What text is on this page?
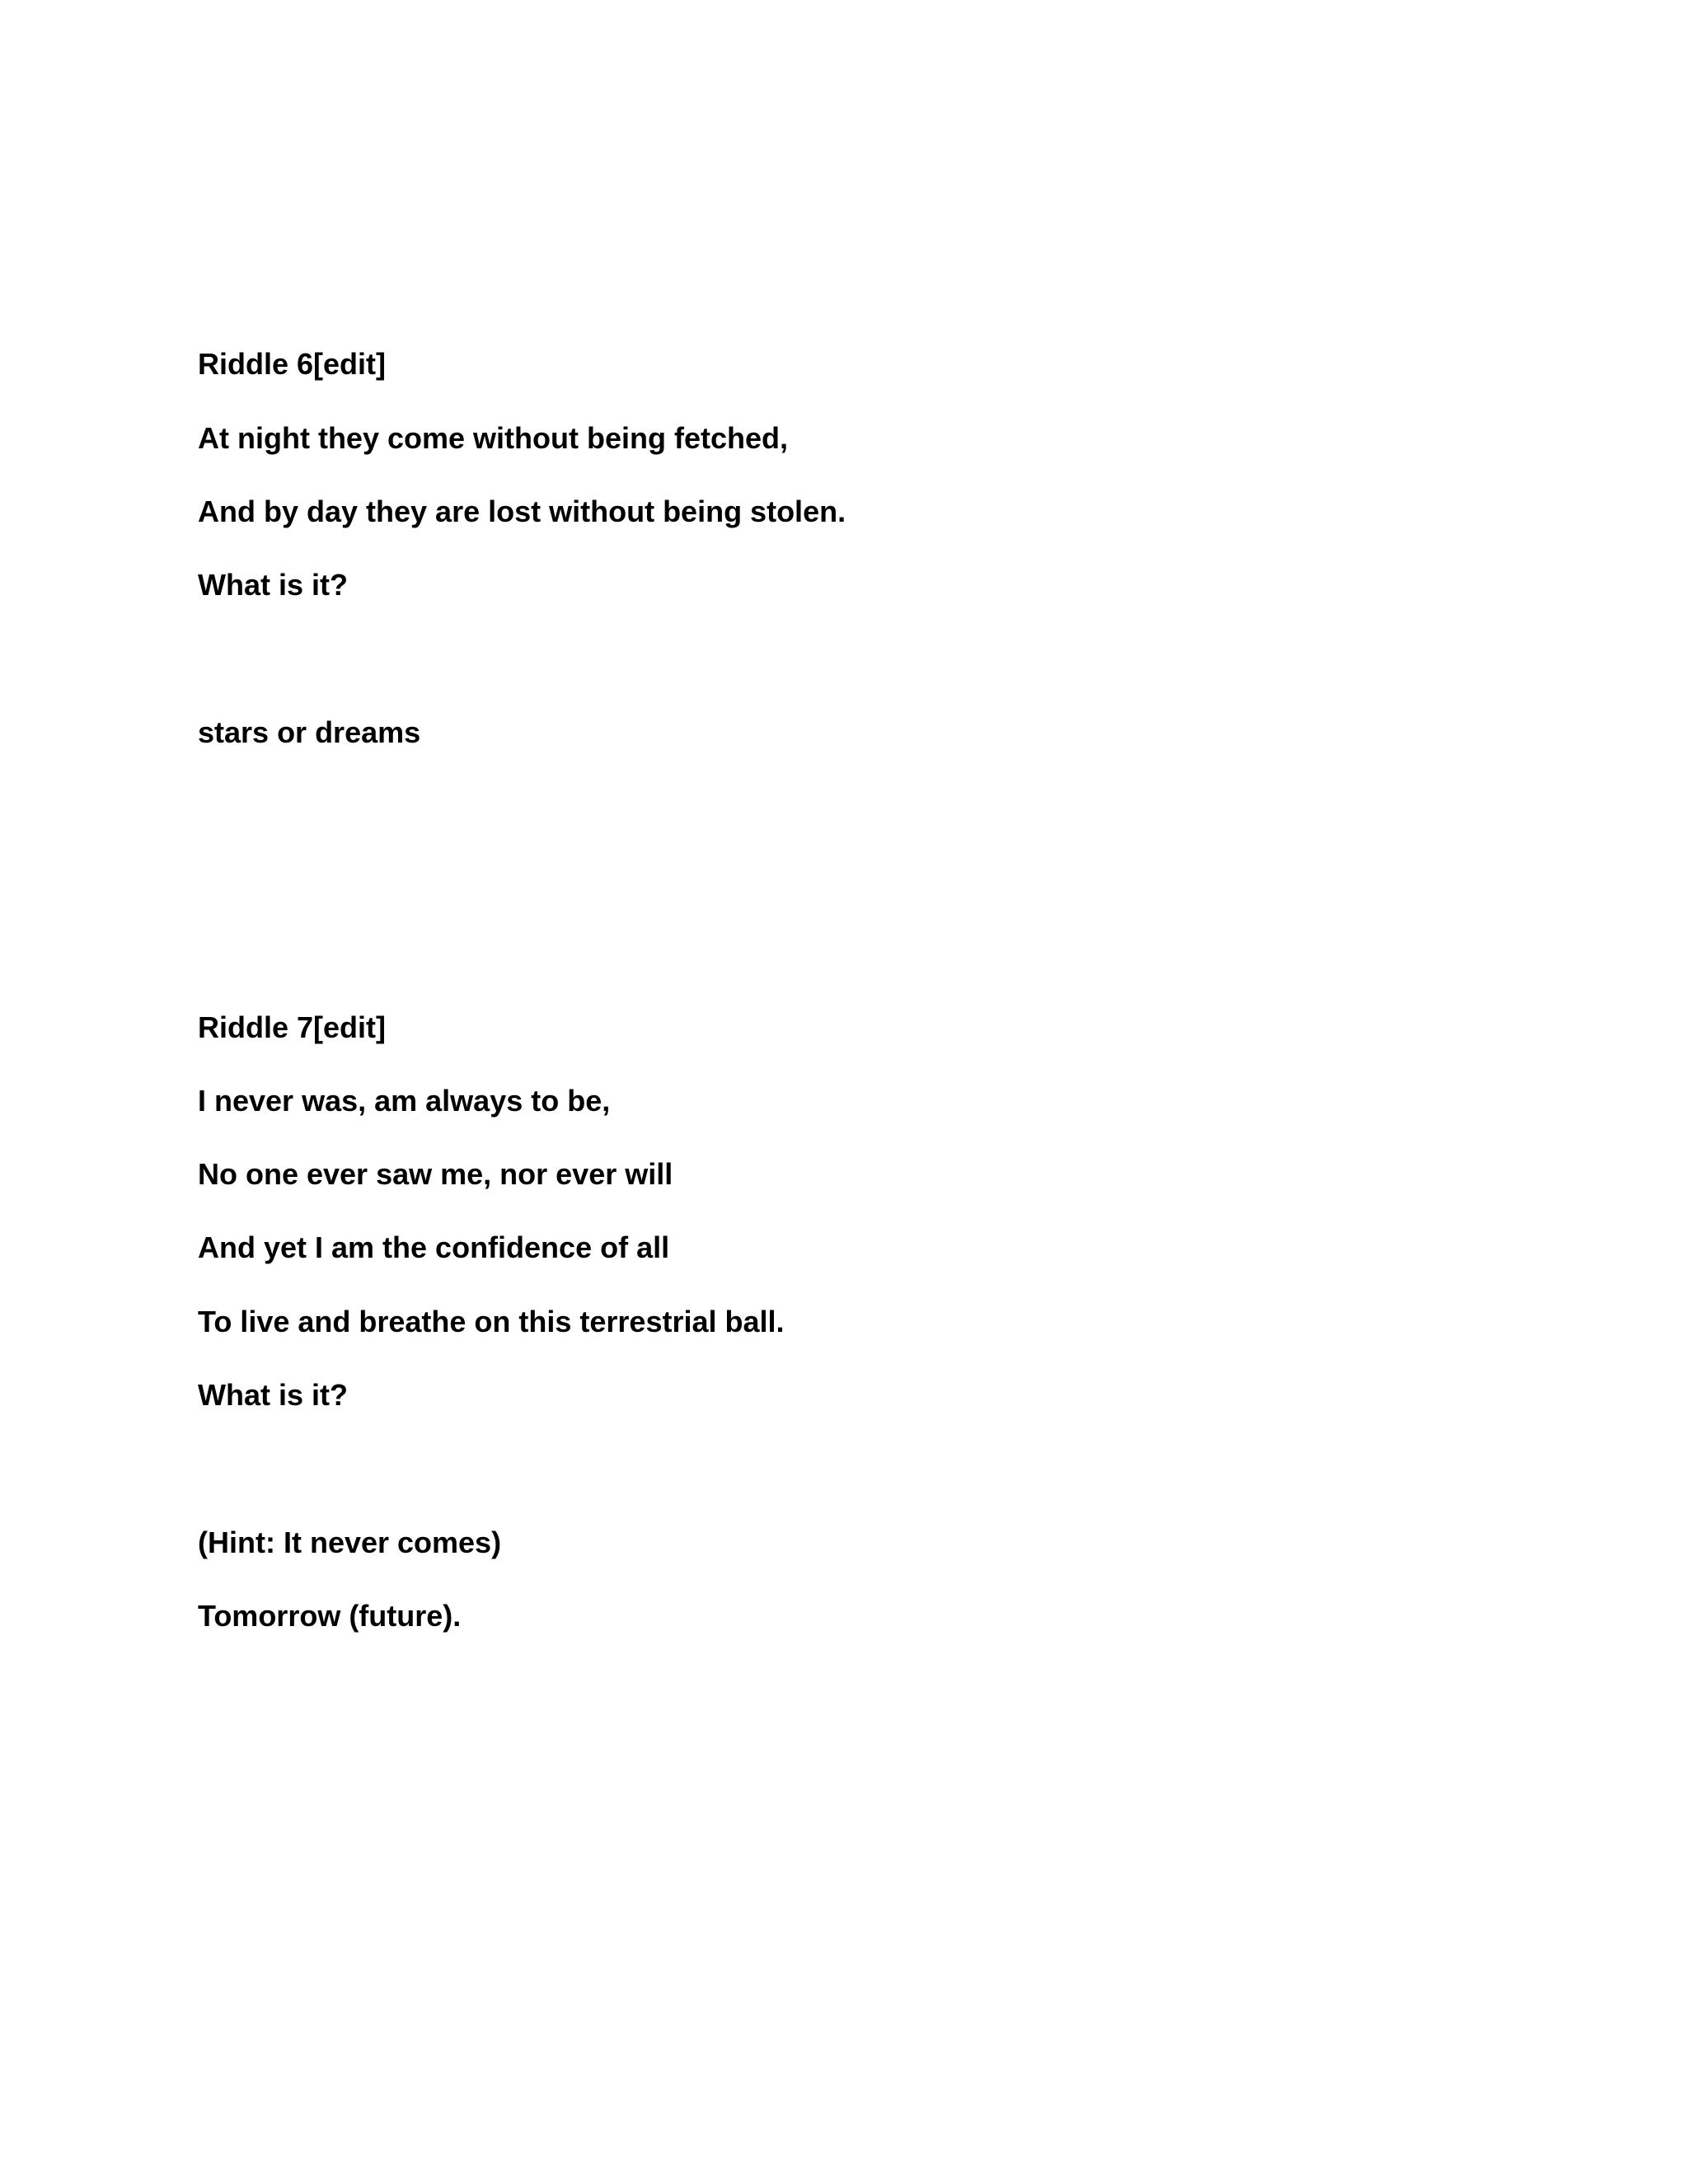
Riddle 6[edit]
At night they come without being fetched,
And by day they are lost without being stolen.
What is it?
stars or dreams
Riddle 7[edit]
I never was, am always to be,
No one ever saw me, nor ever will
And yet I am the confidence of all
To live and breathe on this terrestrial ball.
What is it?
(Hint: It never comes)
Tomorrow (future).
